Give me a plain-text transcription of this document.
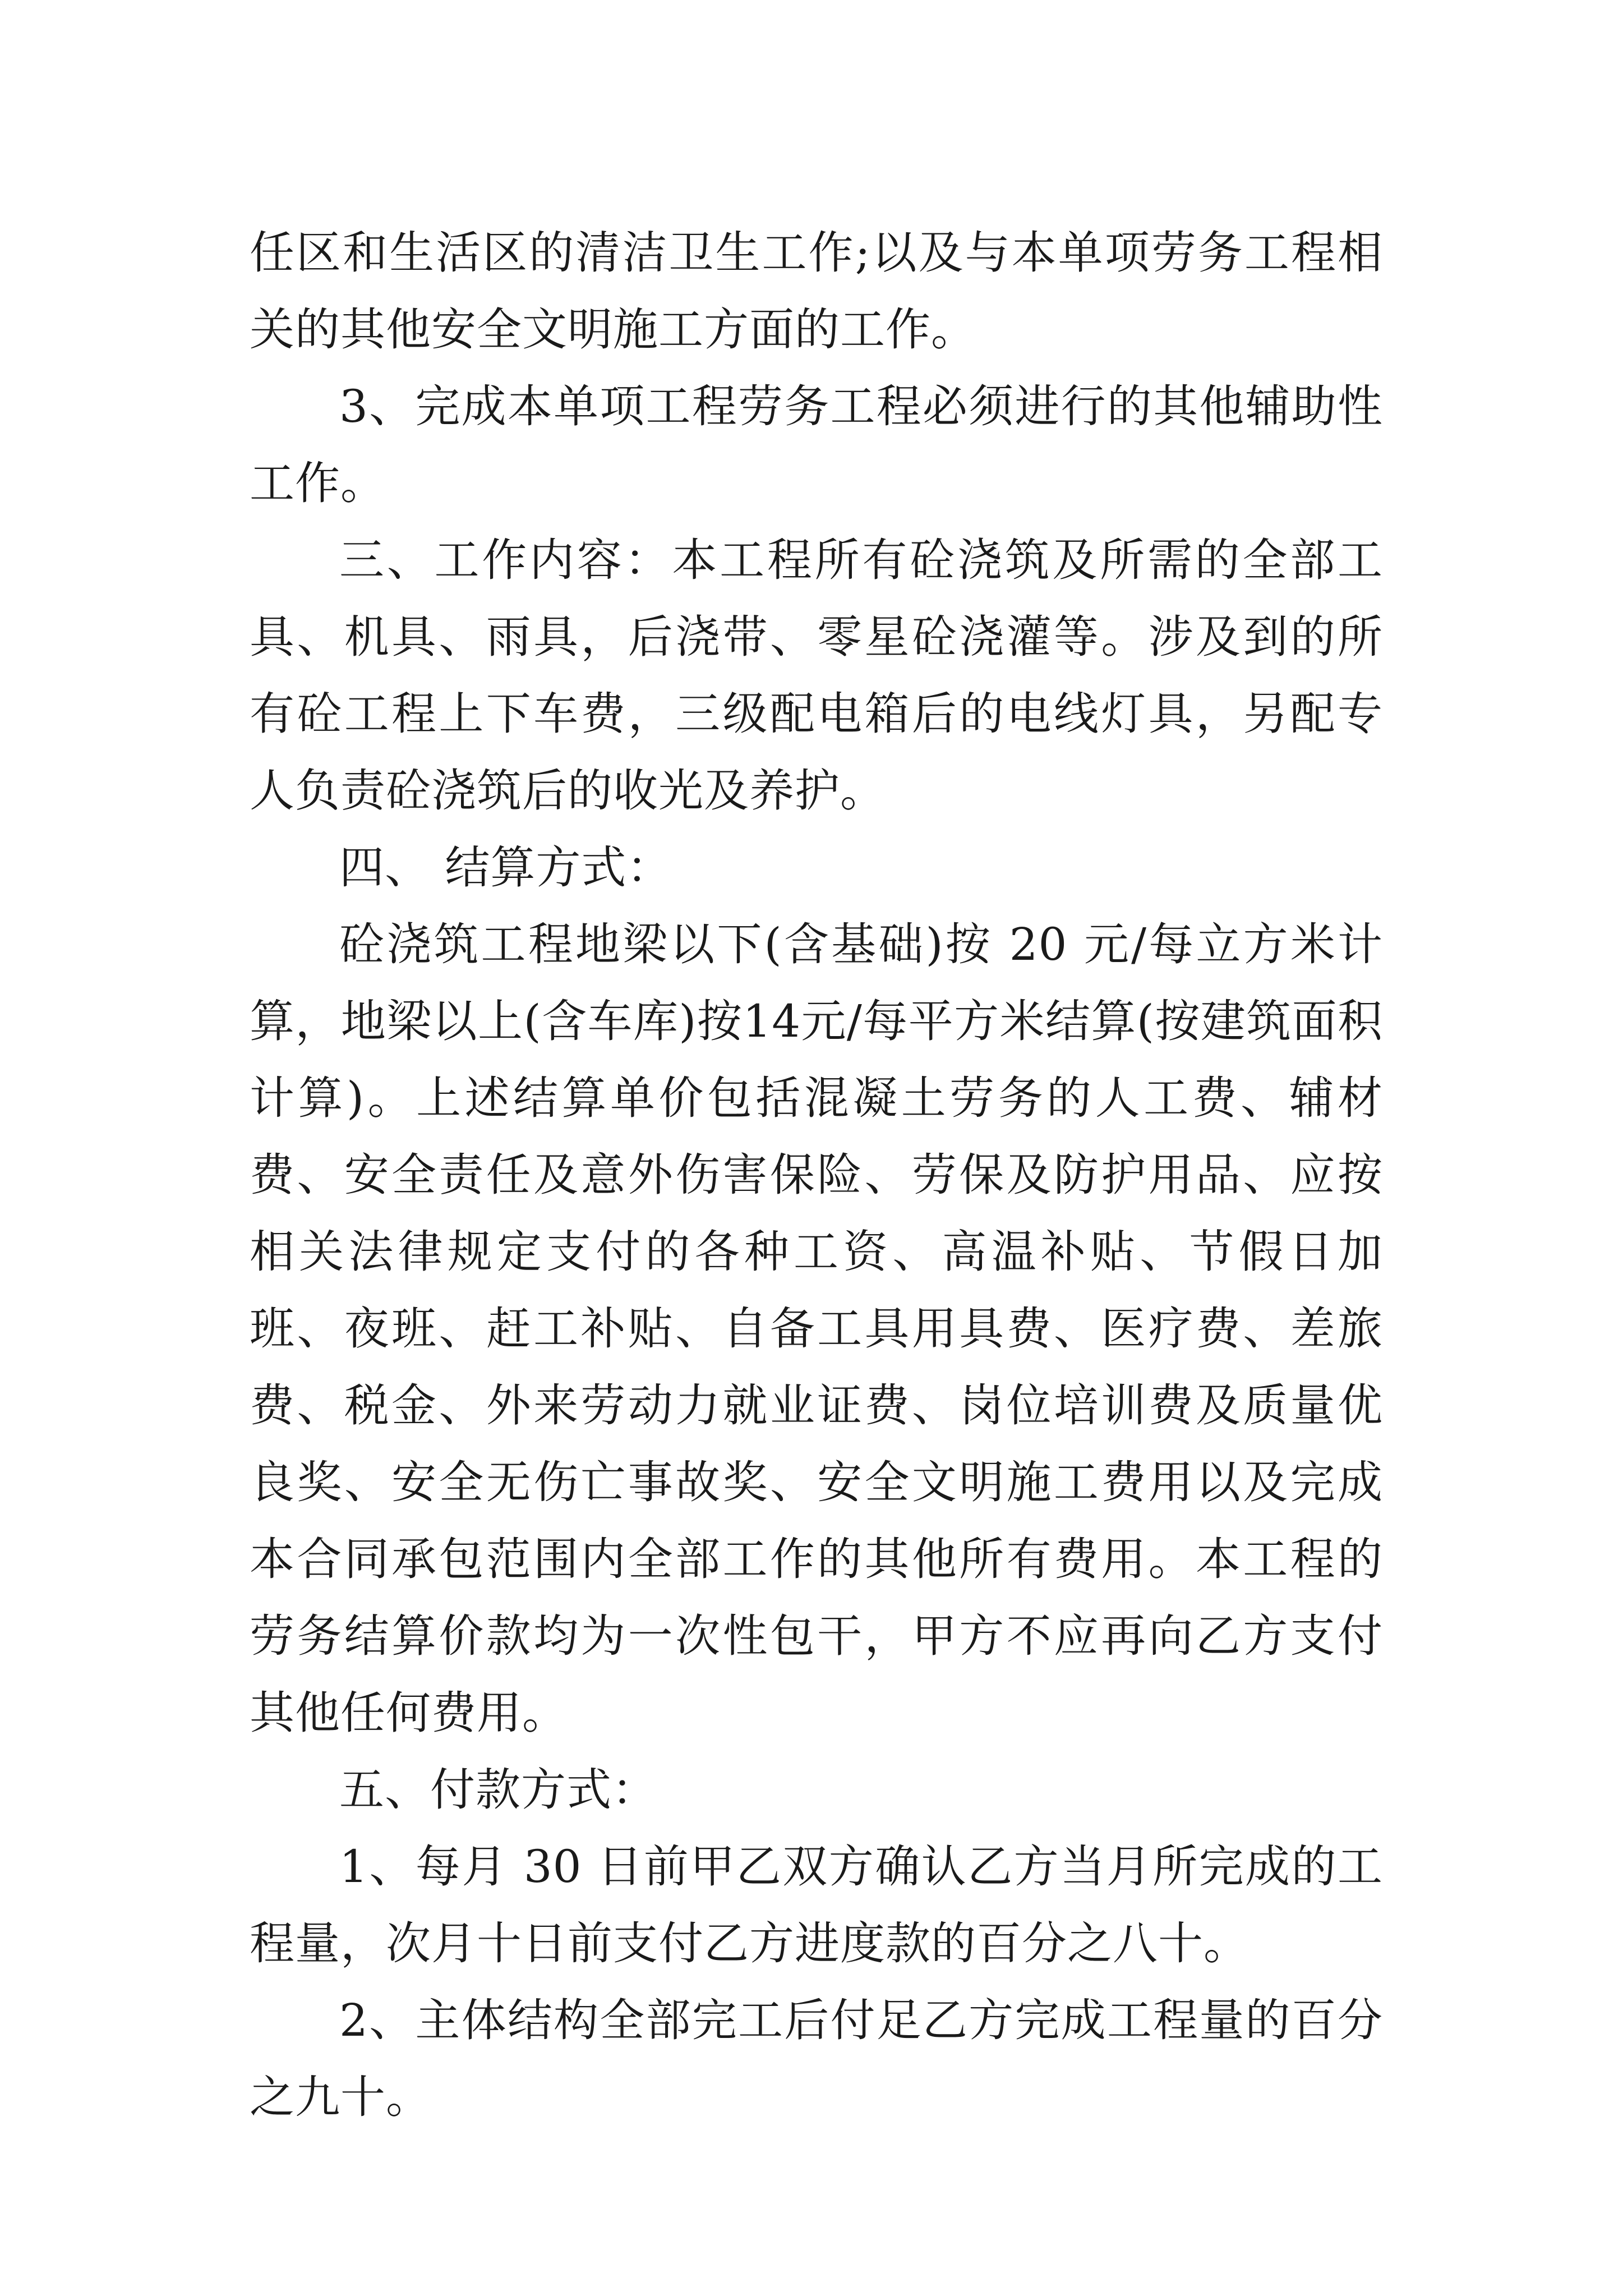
任区和生活区的清洁卫生工作;以及与本单项劳务工程相关的其他安全文明施工方面的工作。

3、完成本单项工程劳务工程必须进行的其他辅助性工作。

三、工作内容：本工程所有砼浇筑及所需的全部工具、机具、雨具，后浇带、零星砼浇灌等。涉及到的所有砼工程上下车费，三级配电箱后的电线灯具，另配专人负责砼浇筑后的收光及养护。

四、 结算方式：

砼浇筑工程地梁以下(含基础)按 20 元/每立方米计算，地梁以上(含车库)按14元/每平方米结算(按建筑面积计算)。上述结算单价包括混凝土劳务的人工费、辅材费、安全责任及意外伤害保险、劳保及防护用品、应按相关法律规定支付的各种工资、高温补贴、节假日加班、夜班、赶工补贴、自备工具用具费、医疗费、差旅费、税金、外来劳动力就业证费、岗位培训费及质量优良奖、安全无伤亡事故奖、安全文明施工费用以及完成本合同承包范围内全部工作的其他所有费用。本工程的劳务结算价款均为一次性包干，甲方不应再向乙方支付其他任何费用。

五、付款方式：

1、每月 30 日前甲乙双方确认乙方当月所完成的工程量，次月十日前支付乙方进度款的百分之八十。

2、主体结构全部完工后付足乙方完成工程量的百分之九十。
